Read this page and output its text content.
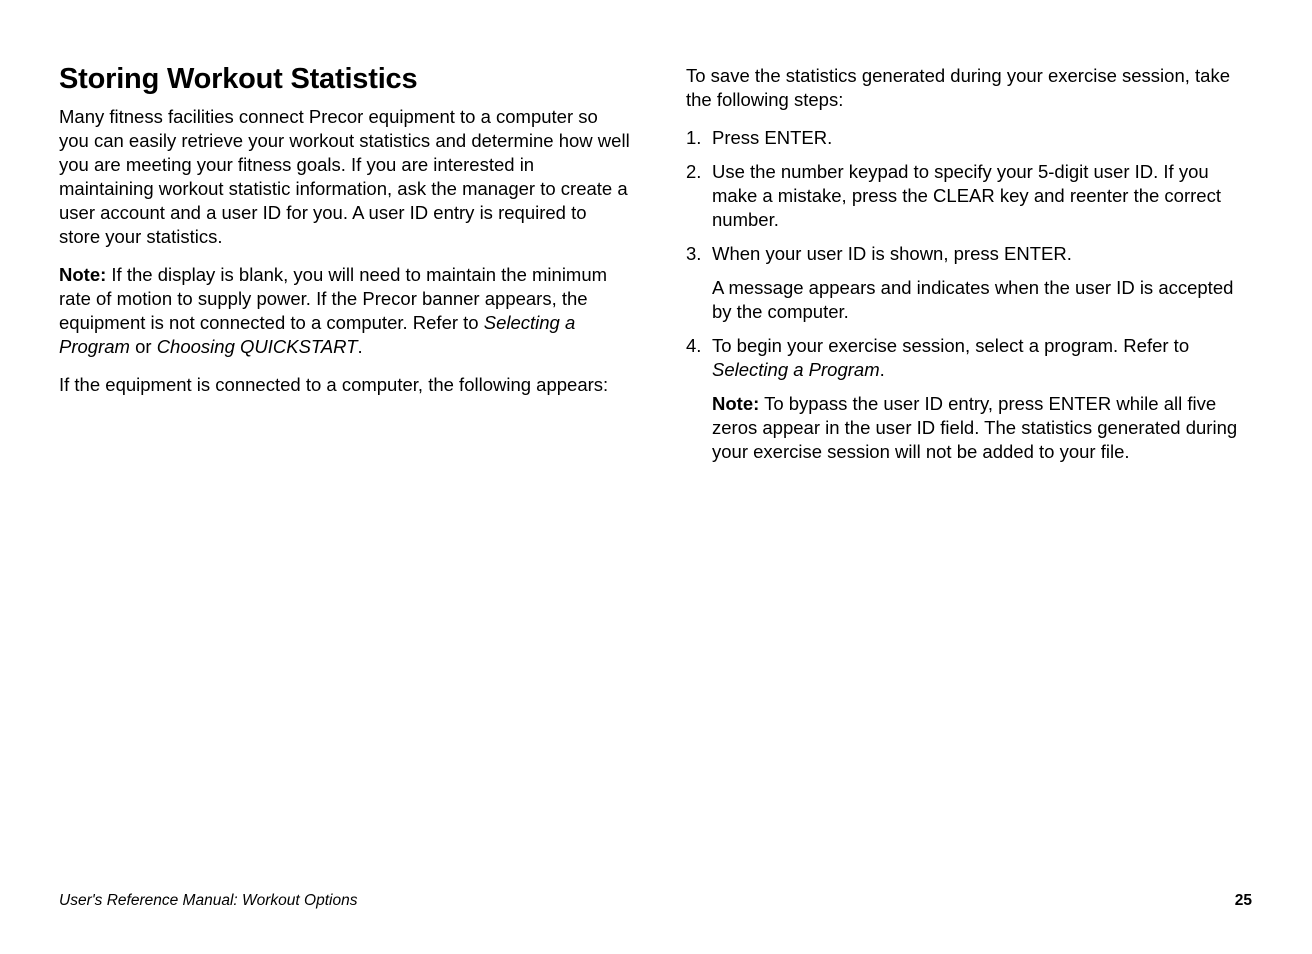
Storing Workout Statistics

Many fitness facilities connect Precor equipment to a computer so you can easily retrieve your workout statistics and determine how well you are meeting your fitness goals. If you are interested in maintaining workout statistic information, ask the manager to create a user account and a user ID for you. A user ID entry is required to store your statistics.

Note: If the display is blank, you will need to maintain the minimum rate of motion to supply power. If the Precor banner appears, the equipment is not connected to a computer. Refer to Selecting a Program or Choosing QUICKSTART.

If the equipment is connected to a computer, the following appears:

To save the statistics generated during your exercise session, take the following steps:

1. Press ENTER.
2. Use the number keypad to specify your 5-digit user ID. If you make a mistake, press the CLEAR key and reenter the correct number.
3. When your user ID is shown, press ENTER.
A message appears and indicates when the user ID is accepted by the computer.
4. To begin your exercise session, select a program. Refer to Selecting a Program.
Note: To bypass the user ID entry, press ENTER while all five zeros appear in the user ID field. The statistics generated during your exercise session will not be added to your file.
User's Reference Manual: Workout Options	25
